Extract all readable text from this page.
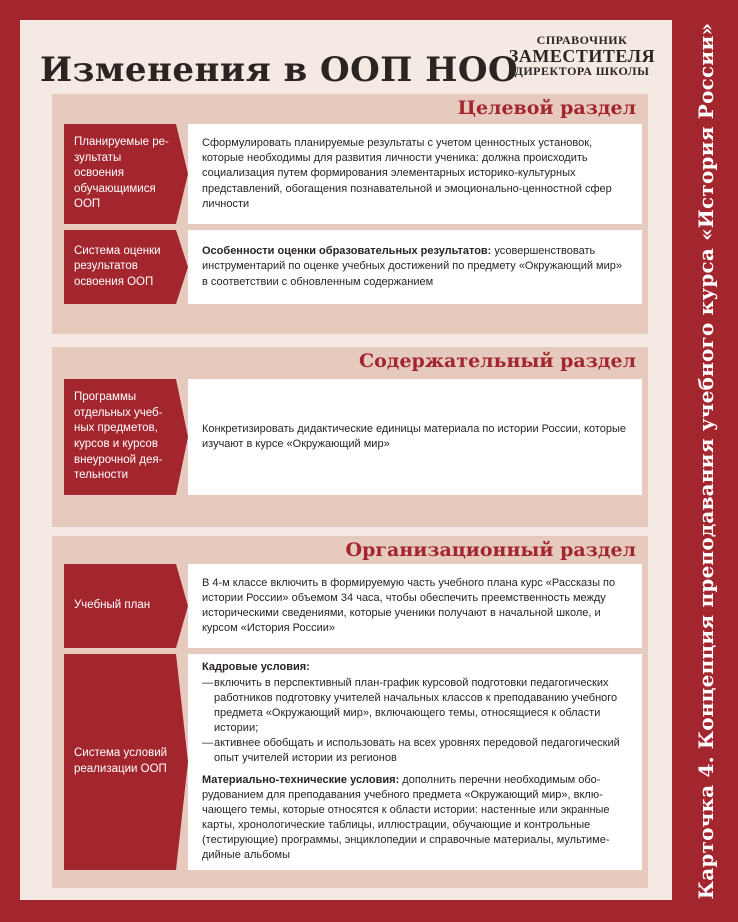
Изменения в ООП НОО
СПРАВОЧНИК
ЗАМЕСТИТЕЛЯ
ДИРЕКТОРА ШКОЛЫ
Целевой раздел
Планируемые результаты освоения обучающимися ООП

Сформулировать планируемые результаты с учетом ценностных установок, которые необходимы для развития личности ученика: должна происходить социализация путем формирования элементарных историко-культурных представлений, обогащения познавательной и эмоционально-ценностной сфер личности

Система оценки результатов освоения ООП

Особенности оценки образовательных результатов: усовершенствовать инструментарий по оценке учебных достижений по предмету «Окружающий мир» в соответствии с обновленным содержанием

Содержательный раздел
Программы отдельных учебных предметов, курсов и курсов внеурочной деятельности

Конкретизировать дидактические единицы материала по истории России, которые изучают в курсе «Окружающий мир»

Организационный раздел
Учебный план

В 4-м классе включить в формируемую часть учебного плана курс «Рассказы по истории России» объемом 34 часа, чтобы обеспечить преемственность между историческими сведениями, которые ученики получают в начальной школе, и курсом «История России»

Система условий реализации ООП

Кадровые условия:

— включить в перспективный план-график курсовой подготовки педагогических работников подготовку учителей начальных классов к преподаванию учебного предмета «Окружающий мир», включающего темы, относящиеся к области истории;
— активнее обобщать и использовать на всех уровнях передовой педагогический опыт учителей истории из регионов

Материально-технические условия: дополнить перечни необходимым оборудованием для преподавания учебного предмета «Окружающий мир», включающего темы, которые относятся к области истории: настенные или экранные карты, хронологические таблицы, иллюстрации, обучающие и контрольные (тестирующие) программы, энциклопедии и справочные материалы, мультимедийные альбомы	Карточка 4. Концепция преподавания учебного курса «История России»
